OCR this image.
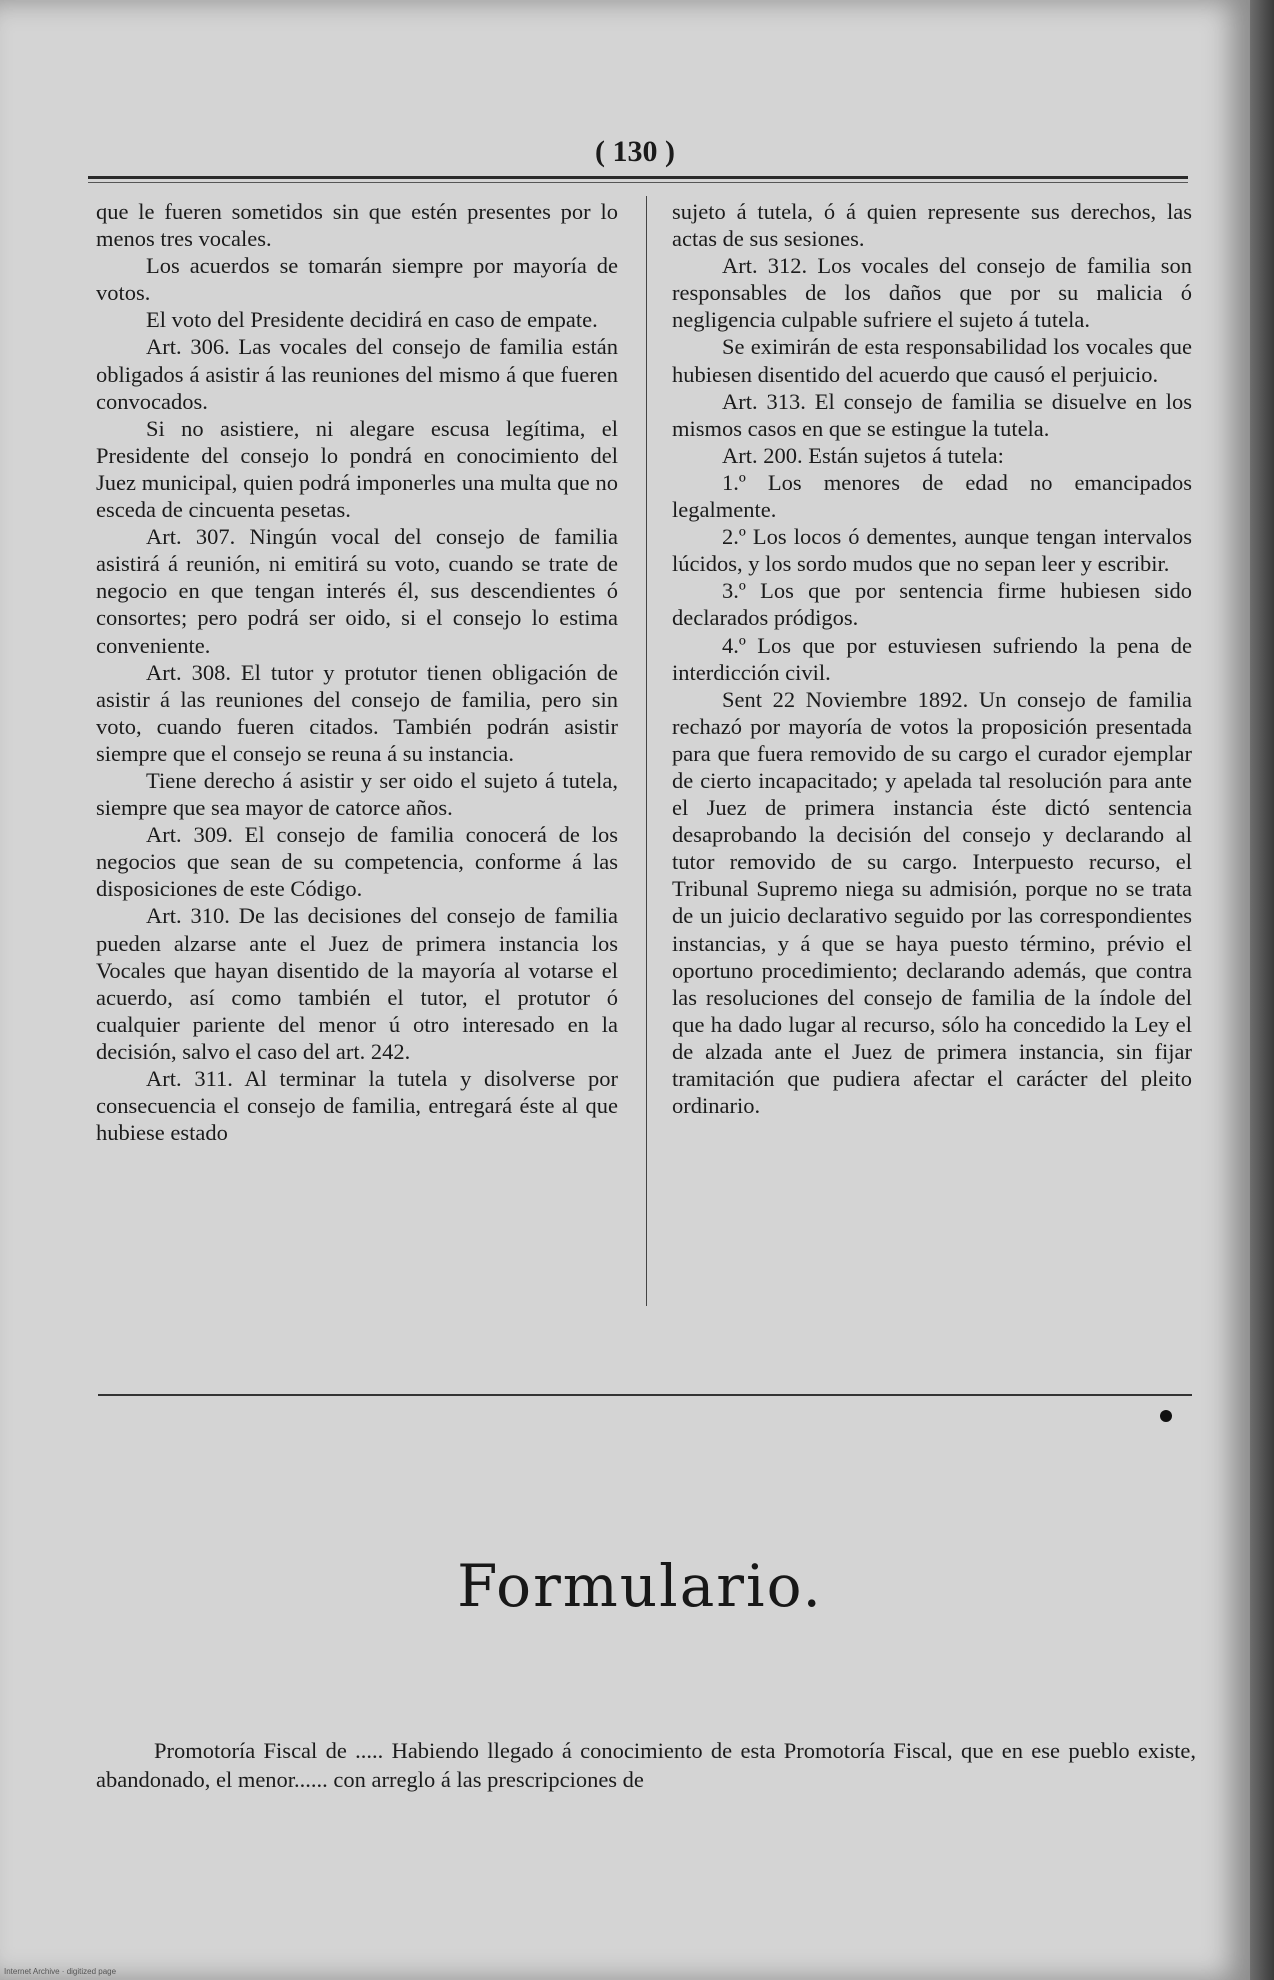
( 130 )

que le fueren sometidos sin que estén presentes por lo menos tres vocales.

Los acuerdos se tomarán siempre por mayoría de votos.

El voto del Presidente decidirá en caso de empate.

Art. 306. Las vocales del consejo de familia están obligados á asistir á las reuniones del mismo á que fueren convocados.

Si no asistiere, ni alegare escusa legítima, el Presidente del consejo lo pondrá en conocimiento del Juez municipal, quien podrá imponerles una multa que no esceda de cincuenta pesetas.

Art. 307. Ningún vocal del consejo de familia asistirá á reunión, ni emitirá su voto, cuando se trate de negocio en que tengan interés él, sus descendientes ó consortes; pero podrá ser oido, si el consejo lo estima conveniente.

Art. 308. El tutor y protutor tienen obligación de asistir á las reuniones del consejo de familia, pero sin voto, cuando fueren citados. También podrán asistir siempre que el consejo se reuna á su instancia.

Tiene derecho á asistir y ser oido el sujeto á tutela, siempre que sea mayor de catorce años.

Art. 309. El consejo de familia conocerá de los negocios que sean de su competencia, conforme á las disposiciones de este Código.

Art. 310. De las decisiones del consejo de familia pueden alzarse ante el Juez de primera instancia los Vocales que hayan disentido de la mayoría al votarse el acuerdo, así como también el tutor, el protutor ó cualquier pariente del menor ú otro interesado en la decisión, salvo el caso del art. 242.

Art. 311. Al terminar la tutela y disolverse por consecuencia el consejo de familia, entregará éste al que hubiese estado

sujeto á tutela, ó á quien represente sus derechos, las actas de sus sesiones.

Art. 312. Los vocales del consejo de familia son responsables de los daños que por su malicia ó negligencia culpable sufriere el sujeto á tutela.

Se eximirán de esta responsabilidad los vocales que hubiesen disentido del acuerdo que causó el perjuicio.

Art. 313. El consejo de familia se disuelve en los mismos casos en que se estingue la tutela.

Art. 200. Están sujetos á tutela:

1.º Los menores de edad no emancipados legalmente.

2.º Los locos ó dementes, aunque tengan intervalos lúcidos, y los sordo mudos que no sepan leer y escribir.

3.º Los que por sentencia firme hubiesen sido declarados pródigos.

4.º Los que por estuviesen sufriendo la pena de interdicción civil.

Sent 22 Noviembre 1892. Un consejo de familia rechazó por mayoría de votos la proposición presentada para que fuera removido de su cargo el curador ejemplar de cierto incapacitado; y apelada tal resolución para ante el Juez de primera instancia éste dictó sentencia desaprobando la decisión del consejo y declarando al tutor removido de su cargo. Interpuesto recurso, el Tribunal Supremo niega su admisión, porque no se trata de un juicio declarativo seguido por las correspondientes instancias, y á que se haya puesto término, prévio el oportuno procedimiento; declarando además, que contra las resoluciones del consejo de familia de la índole del que ha dado lugar al recurso, sólo ha concedido la Ley el de alzada ante el Juez de primera instancia, sin fijar tramitación que pudiera afectar el carácter del pleito ordinario.

Formulario.

Promotoría Fiscal de ..... Habiendo llegado á conocimiento de esta Promotoría Fiscal, que en ese pueblo existe, abandonado, el menor...... con arreglo á las prescripciones de

Internet Archive · digitized page
